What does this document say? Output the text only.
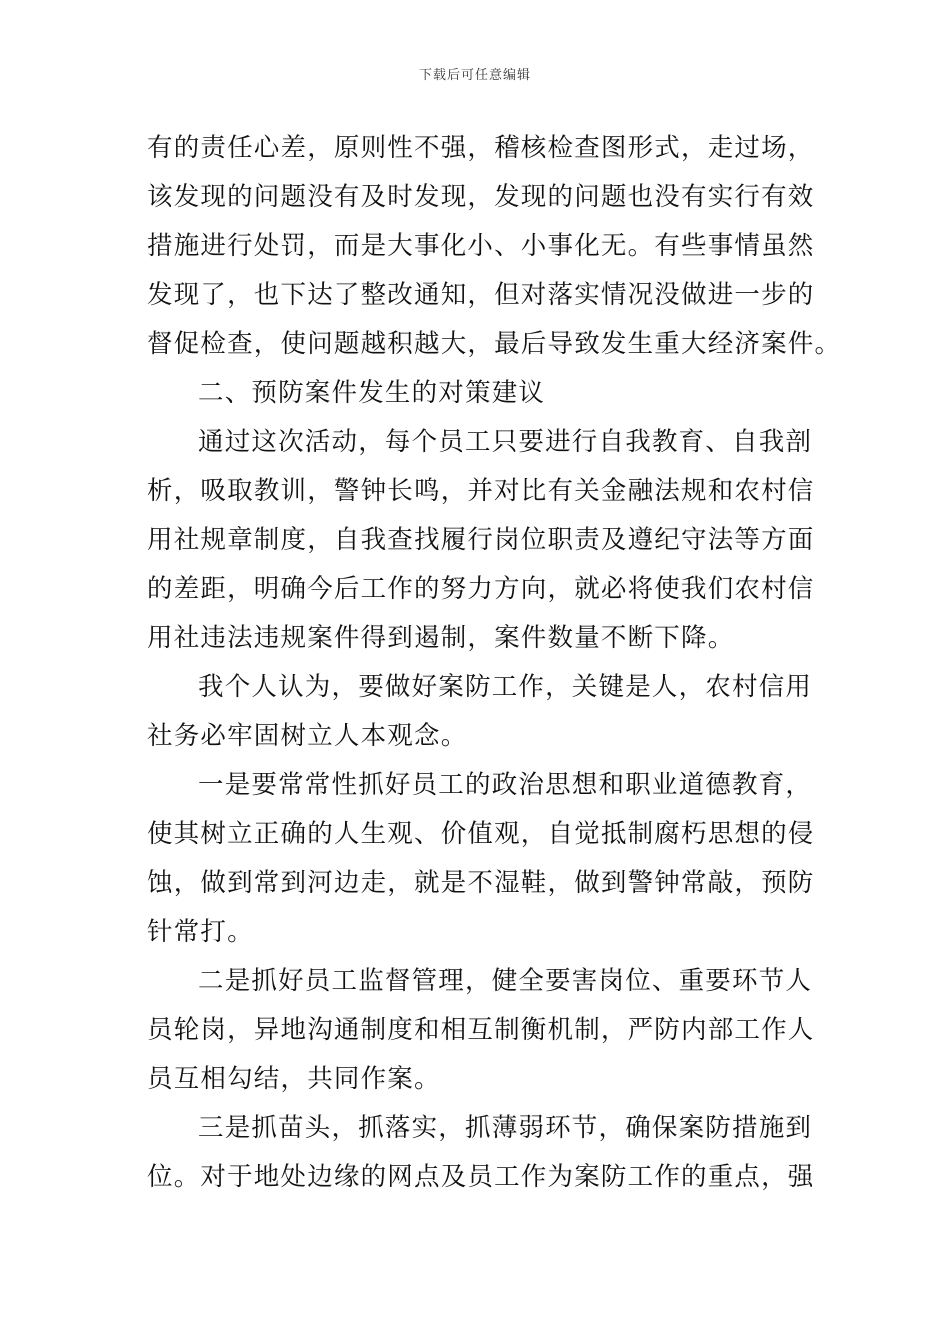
下载后可任意编辑
有的责任心差，原则性不强，稽核检查图形式，走过场，
该发现的问题没有及时发现，发现的问题也没有实行有效
措施进行处罚，而是大事化小、小事化无。有些事情虽然
发现了，也下达了整改通知，但对落实情况没做进一步的
督促检查，使问题越积越大，最后导致发生重大经济案件。
二、预防案件发生的对策建议
通过这次活动，每个员工只要进行自我教育、自我剖
析，吸取教训，警钟长鸣，并对比有关金融法规和农村信
用社规章制度，自我查找履行岗位职责及遵纪守法等方面
的差距，明确今后工作的努力方向，就必将使我们农村信
用社违法违规案件得到遏制，案件数量不断下降。
我个人认为，要做好案防工作，关键是人，农村信用
社务必牢固树立人本观念。
一是要常常性抓好员工的政治思想和职业道德教育，
使其树立正确的人生观、价值观，自觉抵制腐朽思想的侵
蚀，做到常到河边走，就是不湿鞋，做到警钟常敲，预防
针常打。
二是抓好员工监督管理，健全要害岗位、重要环节人
员轮岗，异地沟通制度和相互制衡机制，严防内部工作人
员互相勾结，共同作案。
三是抓苗头，抓落实，抓薄弱环节，确保案防措施到
位。对于地处边缘的网点及员工作为案防工作的重点，强
